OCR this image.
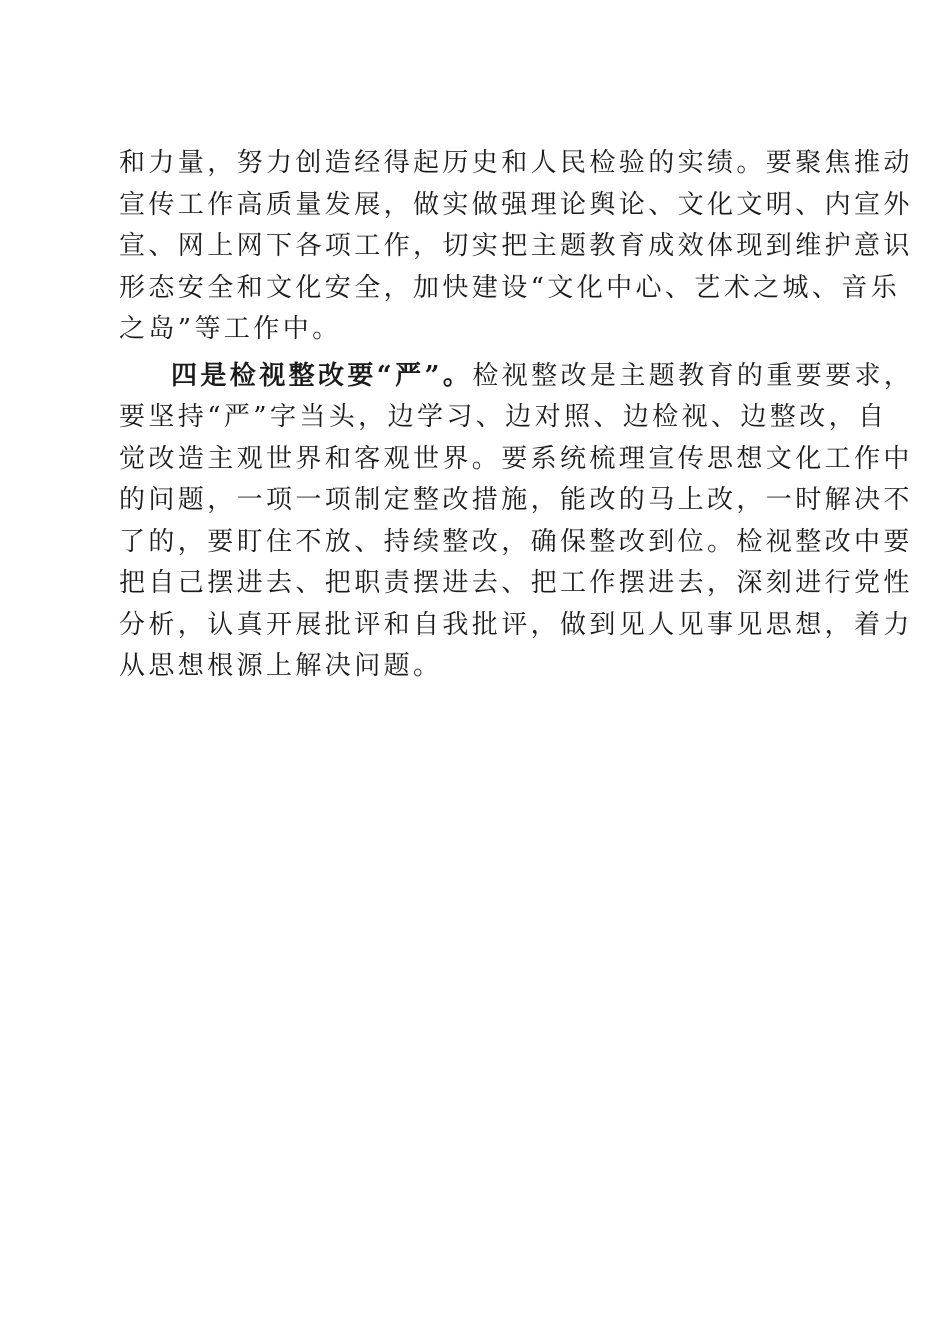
和力量，努力创造经得起历史和人民检验的实绩。要聚焦推动
宣传工作高质量发展，做实做强理论舆论、文化文明、内宣外
宣、网上网下各项工作，切实把主题教育成效体现到维护意识
形态安全和文化安全，加快建设“文化中心、艺术之城、音乐
之岛”等工作中。
四是检视整改要“严”。检视整改是主题教育的重要要求，
要坚持“严”字当头，边学习、边对照、边检视、边整改，自
觉改造主观世界和客观世界。要系统梳理宣传思想文化工作中
的问题，一项一项制定整改措施，能改的马上改，一时解决不
了的，要盯住不放、持续整改，确保整改到位。检视整改中要
把自己摆进去、把职责摆进去、把工作摆进去，深刻进行党性
分析，认真开展批评和自我批评，做到见人见事见思想，着力
从思想根源上解决问题。
